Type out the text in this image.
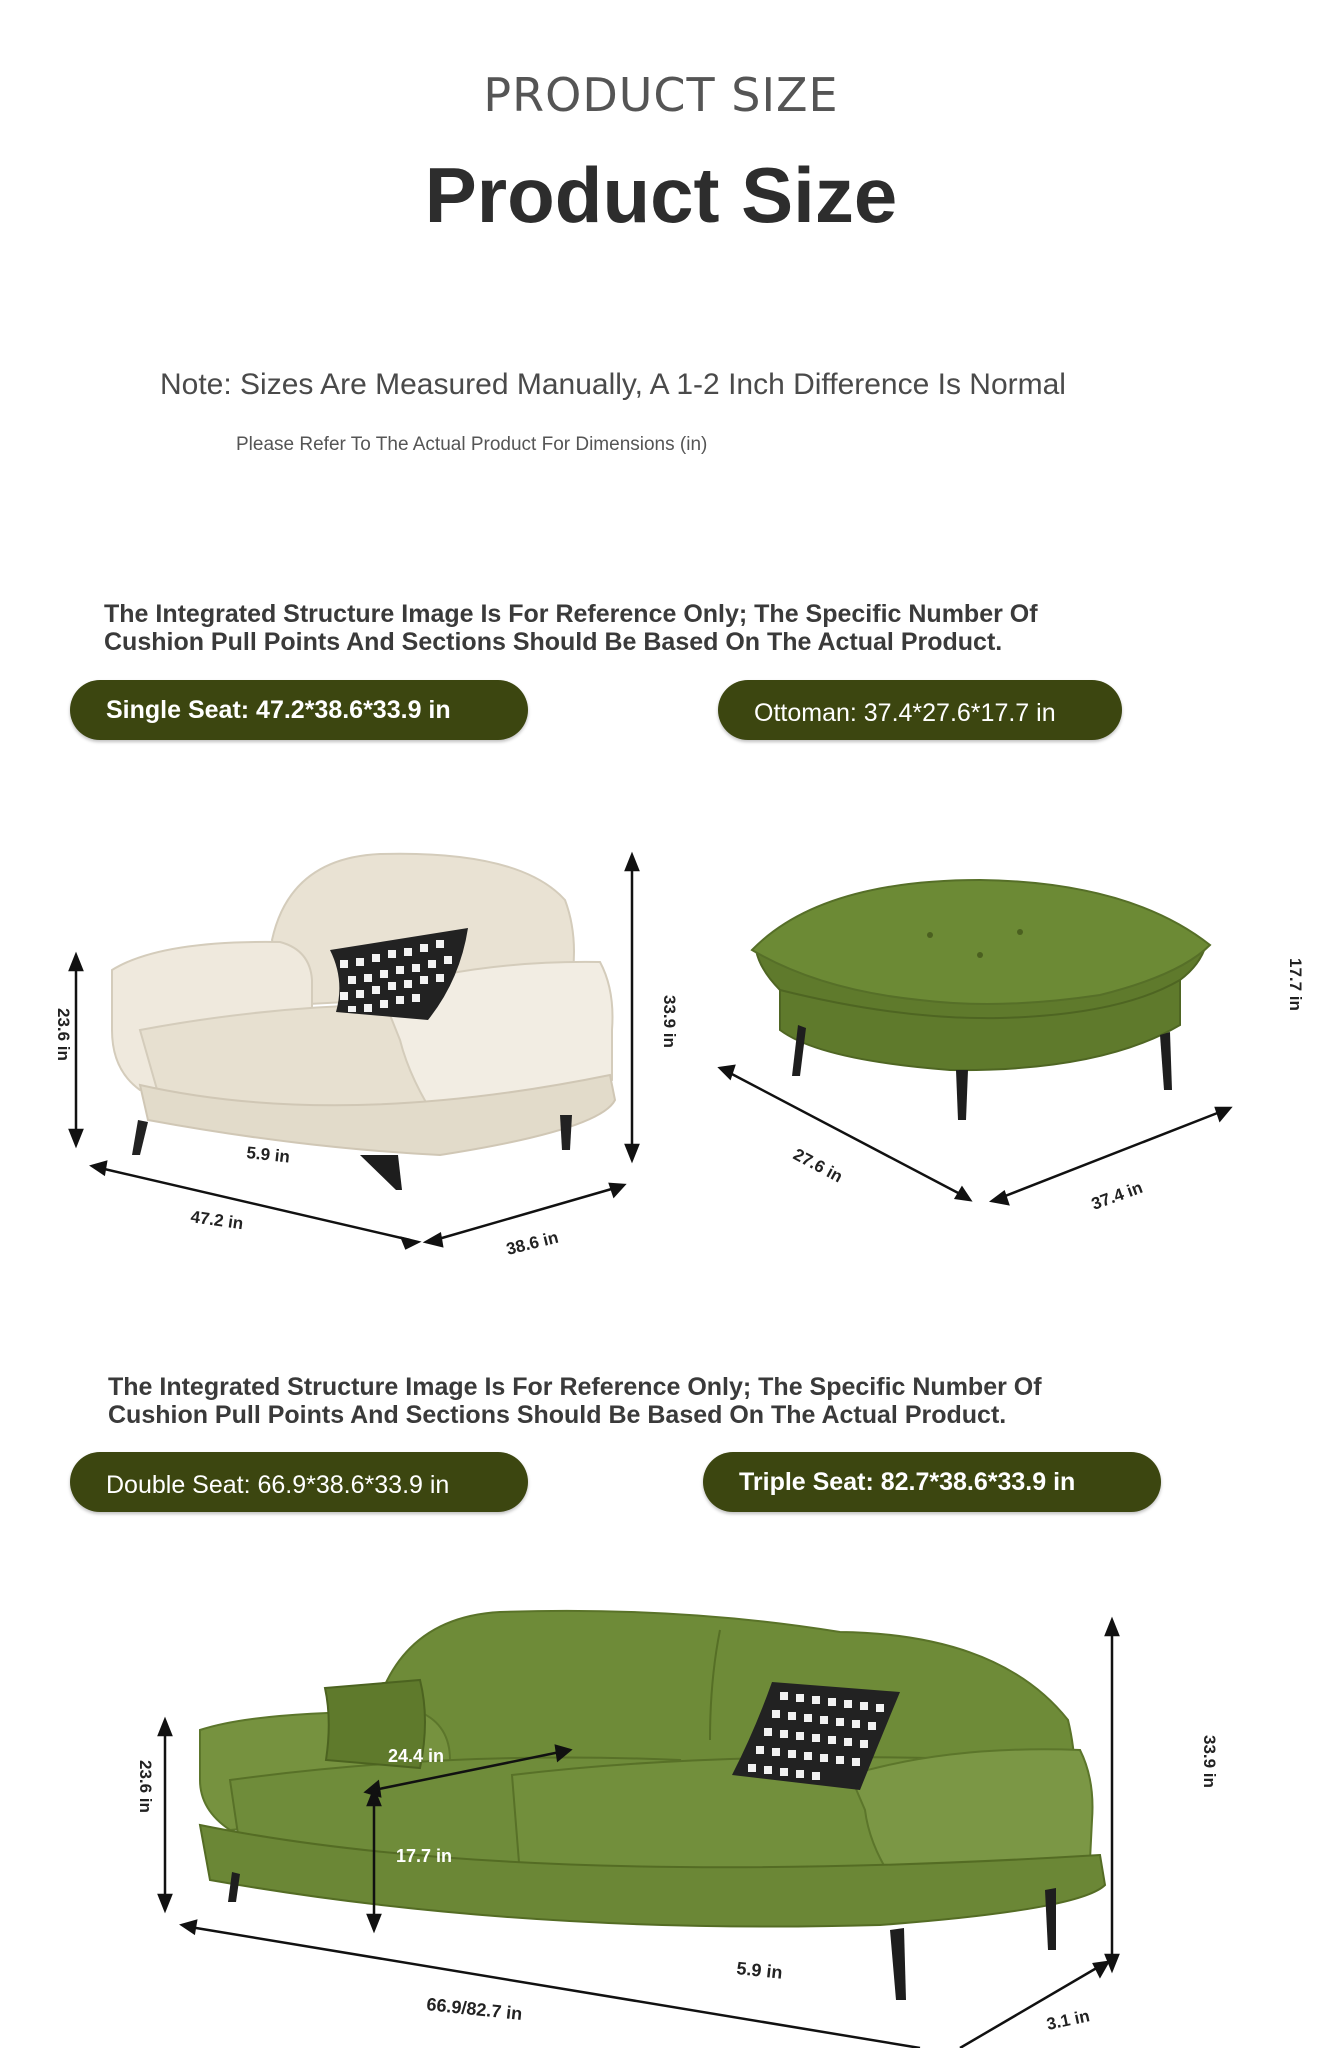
PRODUCT SIZE
Product Size
Note: Sizes Are Measured Manually, A 1-2 Inch Difference Is Normal
Please Refer To The Actual Product For Dimensions (in)
The Integrated Structure Image Is For Reference Only; The Specific Number Of
Cushion Pull Points And Sections Should Be Based On The Actual Product.
Single Seat: 47.2*38.6*33.9 in	Ottoman: 37.4*27.6*17.7 in
33.9 in
23.6 in
5.9 in
47.2 in
38.6 in
17.7 in
27.6 in
37.4 in
The Integrated Structure Image Is For Reference Only; The Specific Number Of
Cushion Pull Points And Sections Should Be Based On The Actual Product.
Double Seat: 66.9*38.6*33.9 in	Triple Seat: 82.7*38.6*33.9 in
24.4 in
17.7 in
23.6 in	33.9 in
5.9 in
66.9/82.7 in	3.1 in
